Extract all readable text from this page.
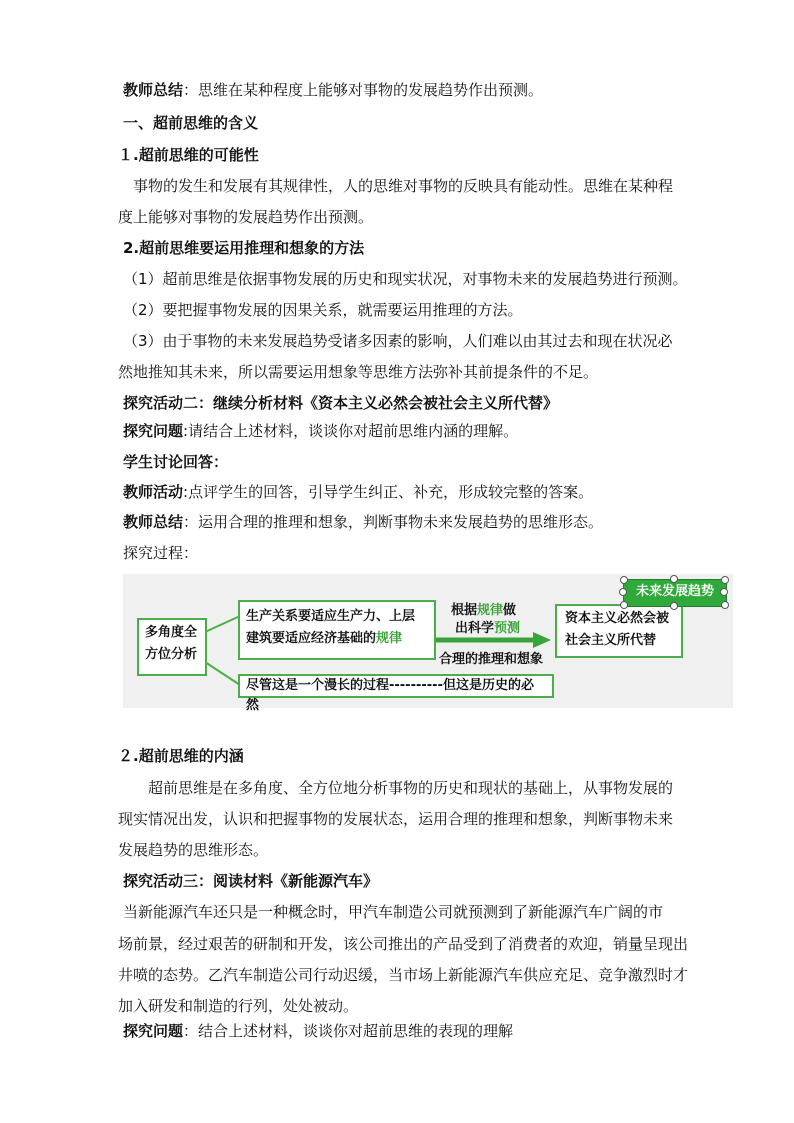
教师总结：思维在某种程度上能够对事物的发展趋势作出预测。
一、超前思维的含义
１.超前思维的可能性
事物的发生和发展有其规律性，人的思维对事物的反映具有能动性。思维在某种程
度上能够对事物的发展趋势作出预测。
2.超前思维要运用推理和想象的方法
（1）超前思维是依据事物发展的历史和现实状况，对事物未来的发展趋势进行预测。
（2）要把握事物发展的因果关系，就需要运用推理的方法。
（3）由于事物的未来发展趋势受诸多因素的影响，人们难以由其过去和现在状况必
然地推知其未来，所以需要运用想象等思维方法弥补其前提条件的不足。
探究活动二：继续分析材料《资本主义必然会被社会主义所代替》
探究问题:请结合上述材料，谈谈你对超前思维内涵的理解。
学生讨论回答：
教师活动:点评学生的回答，引导学生纠正、补充，形成较完整的答案。
教师总结：运用合理的推理和想象，判断事物未来发展趋势的思维形态。
探究过程：
多角度全
方位分析
生产关系要适应生产力、上层
建筑要适应经济基础的规律
根据规律做
出科学预测
合理的推理和想象
资本主义必然会被
社会主义所代替
未来发展趋势
尽管这是一个漫长的过程----------但这是历史的必然
２.超前思维的内涵
超前思维是在多角度、全方位地分析事物的历史和现状的基础上，从事物发展的
现实情况出发，认识和把握事物的发展状态，运用合理的推理和想象，判断事物未来
发展趋势的思维形态。
探究活动三：阅读材料《新能源汽车》
当新能源汽车还只是一种概念时，甲汽车制造公司就预测到了新能源汽车广阔的市
场前景，经过艰苦的研制和开发，该公司推出的产品受到了消费者的欢迎，销量呈现出
井喷的态势。乙汽车制造公司行动迟缓，当市场上新能源汽车供应充足、竞争激烈时才
加入研发和制造的行列，处处被动。
探究问题：结合上述材料，谈谈你对超前思维的表现的理解
